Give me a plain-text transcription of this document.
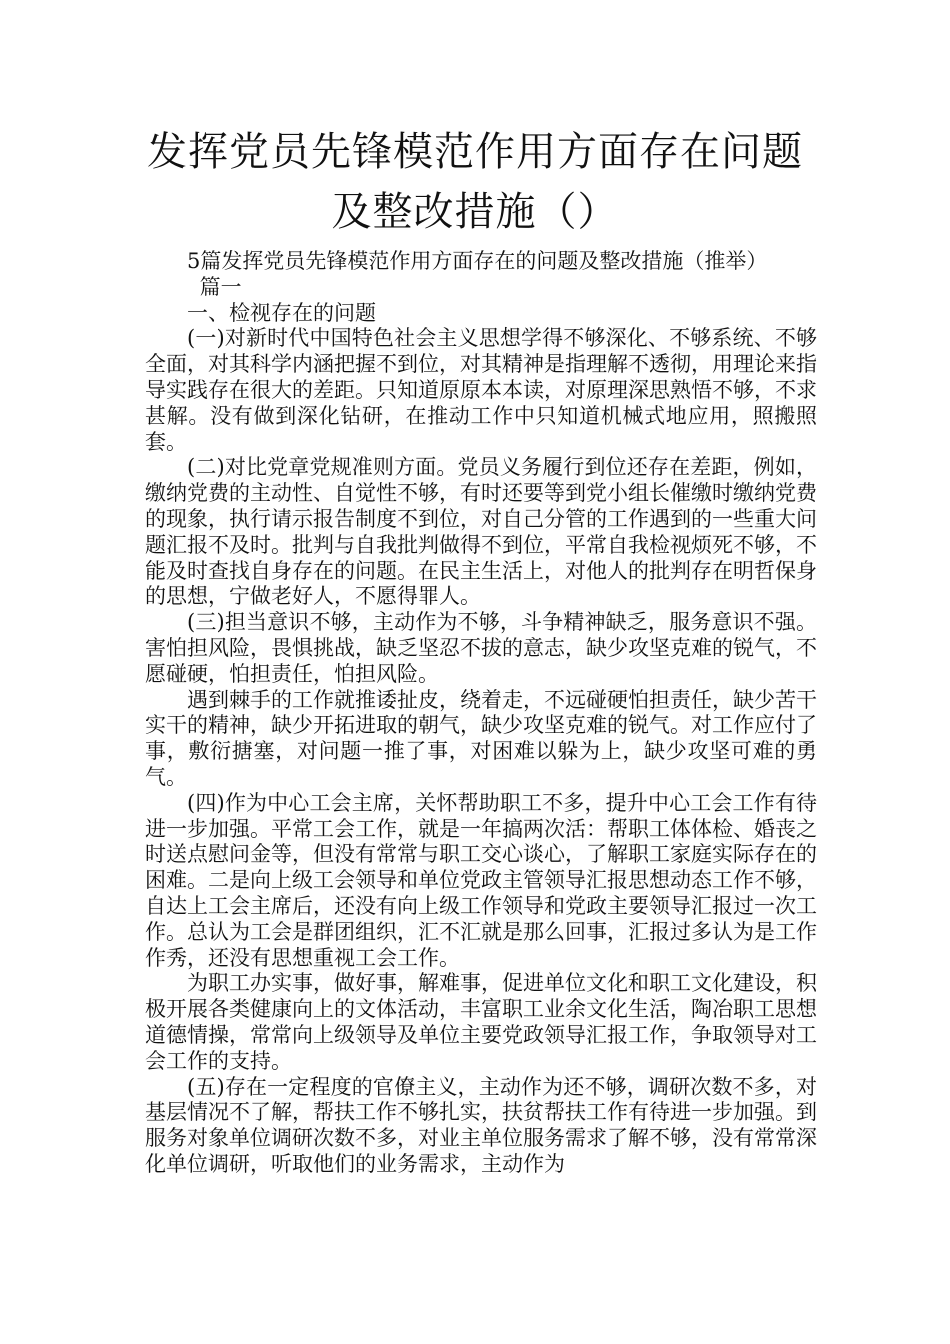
发挥党员先锋模范作用方面存在问题及整改措施（）

5篇发挥党员先锋模范作用方面存在的问题及整改措施（推举）

篇一

一、检视存在的问题

(一)对新时代中国特色社会主义思想学得不够深化、不够系统、不够全面，对其科学内涵把握不到位，对其精神是指理解不透彻，用理论来指导实践存在很大的差距。只知道原原本本读，对原理深思熟悟不够，不求甚解。没有做到深化钻研，在推动工作中只知道机械式地应用，照搬照套。

(二)对比党章党规准则方面。党员义务履行到位还存在差距，例如，缴纳党费的主动性、自觉性不够，有时还要等到党小组长催缴时缴纳党费的现象，执行请示报告制度不到位，对自己分管的工作遇到的一些重大问题汇报不及时。批判与自我批判做得不到位，平常自我检视烦死不够，不能及时查找自身存在的问题。在民主生活上，对他人的批判存在明哲保身的思想，宁做老好人，不愿得罪人。

(三)担当意识不够，主动作为不够，斗争精神缺乏，服务意识不强。害怕担风险，畏惧挑战，缺乏坚忍不拔的意志，缺少攻坚克难的锐气，不愿碰硬，怕担责任，怕担风险。

遇到棘手的工作就推诿扯皮，绕着走，不远碰硬怕担责任，缺少苦干实干的精神，缺少开拓进取的朝气，缺少攻坚克难的锐气。对工作应付了事，敷衍搪塞，对问题一推了事，对困难以躲为上，缺少攻坚可难的勇气。

(四)作为中心工会主席，关怀帮助职工不多，提升中心工会工作有待进一步加强。平常工会工作，就是一年搞两次活：帮职工体体检、婚丧之时送点慰问金等，但没有常常与职工交心谈心，了解职工家庭实际存在的困难。二是向上级工会领导和单位党政主管领导汇报思想动态工作不够，自达上工会主席后，还没有向上级工作领导和党政主要领导汇报过一次工作。总认为工会是群团组织，汇不汇就是那么回事，汇报过多认为是工作作秀，还没有思想重视工会工作。

为职工办实事，做好事，解难事，促进单位文化和职工文化建设，积极开展各类健康向上的文体活动，丰富职工业余文化生活，陶冶职工思想道德情操，常常向上级领导及单位主要党政领导汇报工作，争取领导对工会工作的支持。

(五)存在一定程度的官僚主义，主动作为还不够，调研次数不多，对基层情况不了解，帮扶工作不够扎实，扶贫帮扶工作有待进一步加强。到服务对象单位调研次数不多，对业主单位服务需求了解不够，没有常常深化单位调研，听取他们的业务需求，主动作为
